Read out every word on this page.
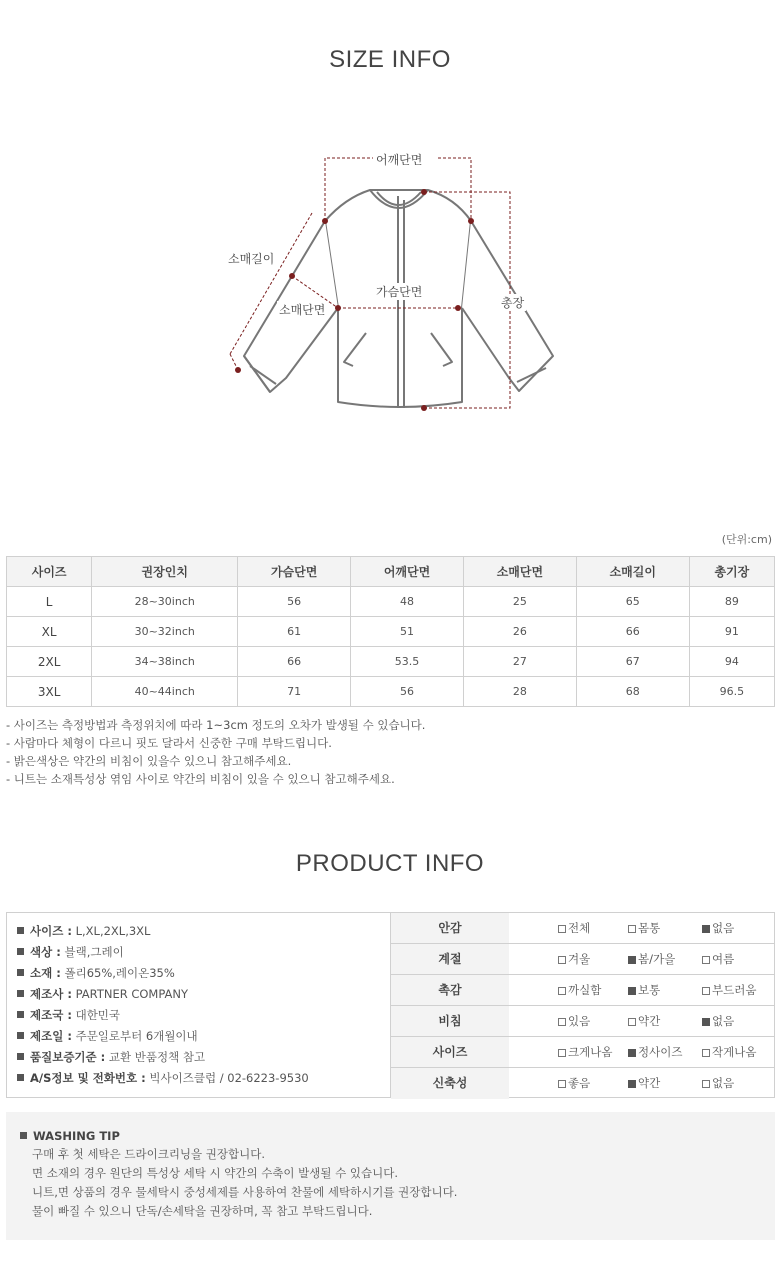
SIZE INFO
어깨단면
소매길이
가슴단면
소매단면	총장
(단위:cm)
사이즈	권장인치	가슴단면	어깨단면	소매단면	소매길이	총기장
L	28~30inch	56	48	25	65	89
XL	30~32inch	61	51	26	66	91
2XL	34~38inch	66	53.5	27	67	94
3XL	40~44inch	71	56	28	68	96.5
- 사이즈는 측정방법과 측정위치에 따라 1~3cm 정도의 오차가 발생될 수 있습니다.
- 사람마다 체형이 다르니 핏도 달라서 신중한 구매 부탁드립니다.
- 밝은색상은 약간의 비침이 있을수 있으니 참고해주세요.
- 니트는 소재특성상 엮임 사이로 약간의 비침이 있을 수 있으니 참고해주세요.
PRODUCT INFO
사이즈 : L,XL,2XL,3XL
색상 : 블랙,그레이
소재 : 폴리65%,레이온35%
제조사 : PARTNER COMPANY
제조국 : 대한민국
제조일 : 주문일로부터 6개월이내
품질보증기준 : 교환 반품정책 참고
A/S정보 및 전화번호 : 빅사이즈클럽 / 02-6223-9530
안감	전체	몸통	없음
계절	겨울	봄/가을	여름
촉감	까실함	보통	부드러움
비침	있음	약간	없음
사이즈	크게나옴	정사이즈	작게나옴
신축성	좋음	약간	없음
WASHING TIP
구매 후 첫 세탁은 드라이크리닝을 권장합니다.
면 소재의 경우 원단의 특성상 세탁 시 약간의 수축이 발생될 수 있습니다.
니트,면 상품의 경우 물세탁시 중성세제를 사용하여 찬물에 세탁하시기를 권장합니다.
물이 빠질 수 있으니 단독/손세탁을 권장하며, 꼭 참고 부탁드립니다.
